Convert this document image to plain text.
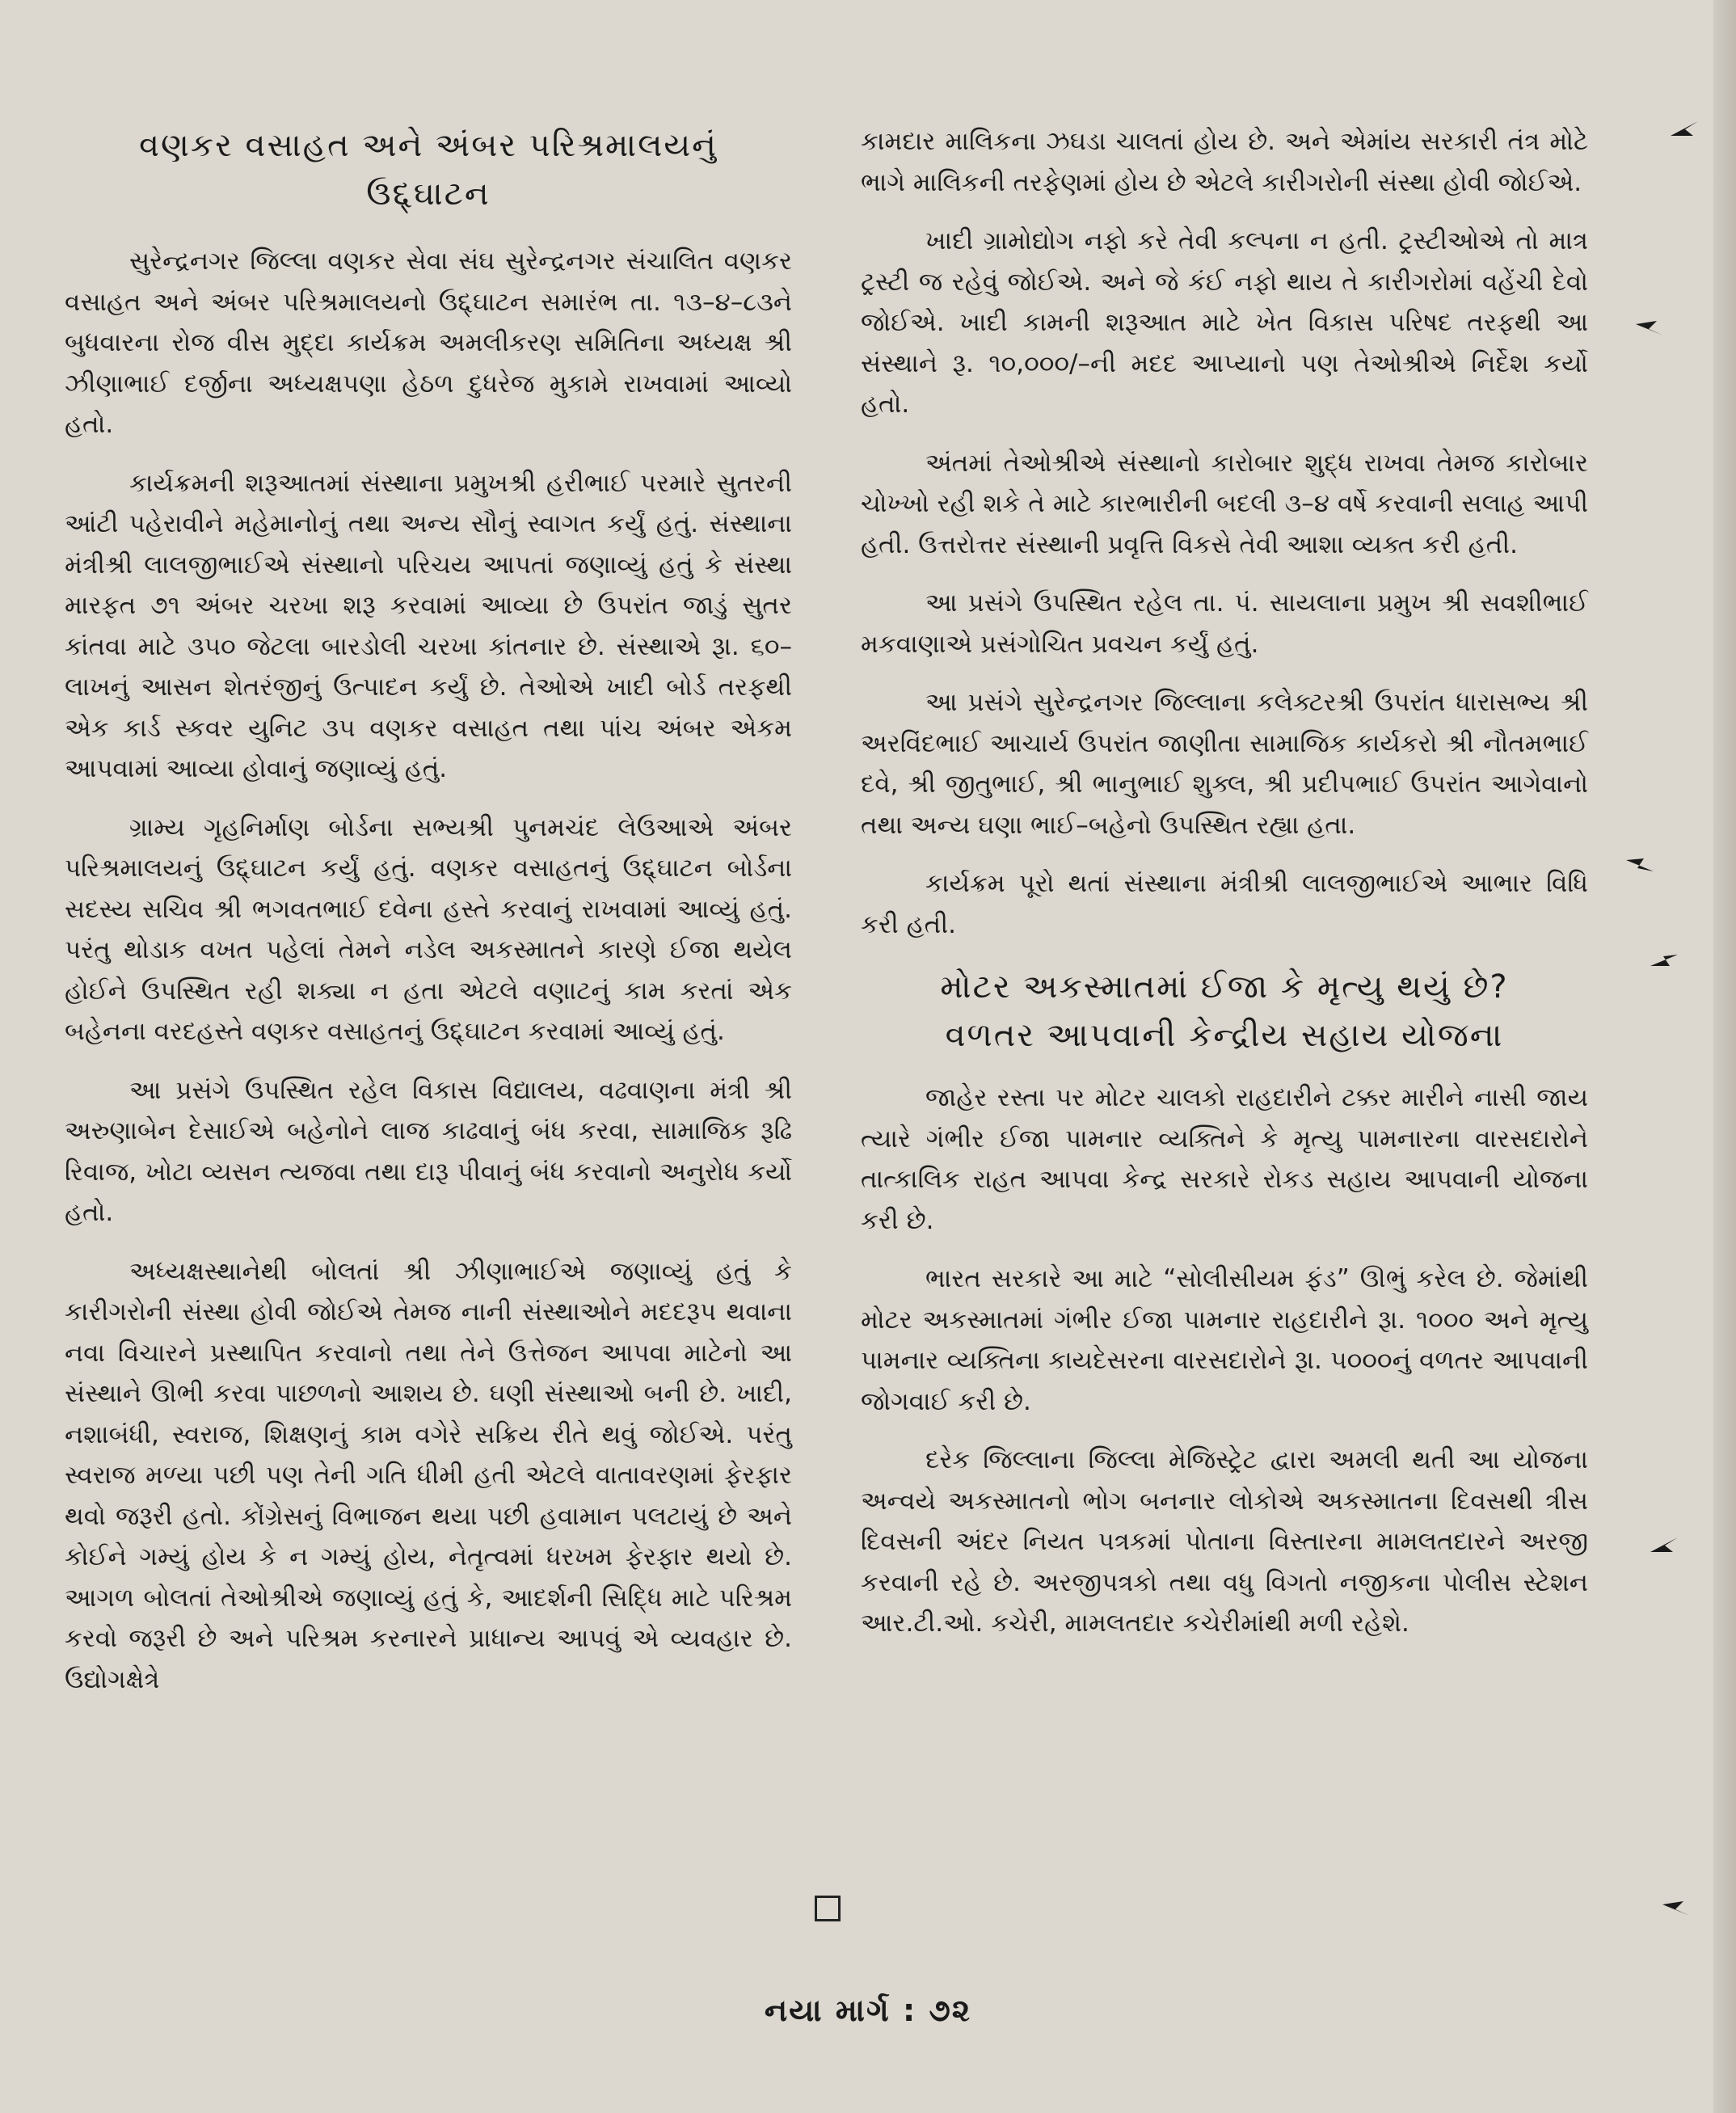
વણકર વસાહત અને અંબર પરિશ્રમાલયનું
ઉદ્દ્ઘાટન

સુરેન્દ્રનગર જિલ્લા વણકર સેવા સંઘ સુરેન્દ્રનગર સંચાલિત વણકર વસાહત અને અંબર પરિશ્રમાલયનો ઉદ્દ્ઘાટન સમારંભ તા. ૧૩–૪–૮૩ને બુધવારના રોજ વીસ મુદ્દા કાર્યક્રમ અમલીકરણ સમિતિના અધ્યક્ષ શ્રી ઝીણાભાઈ દર્જીના અધ્યક્ષપણા હેઠળ દુધરેજ મુકામે રાખવામાં આવ્યો હતો.

કાર્યક્રમની શરૂઆતમાં સંસ્થાના પ્રમુખશ્રી હરીભાઈ પરમારે સુતરની આંટી પહેરાવીને મહેમાનોનું તથા અન્ય સૌનું સ્વાગત કર્યું હતું. સંસ્થાના મંત્રીશ્રી લાલજીભાઈએ સંસ્થાનો પરિચય આપતાં જણાવ્યું હતું કે સંસ્થા મારફત ૭૧ અંબર ચરખા શરૂ કરવામાં આવ્યા છે ઉપરાંત જાડું સુતર કાંતવા માટે ૩૫૦ જેટલા બારડોલી ચરખા કાંતનાર છે. સંસ્થાએ રૂા. ૬૦–લાખનું આસન શેતરંજીનું ઉત્પાદન કર્યું છે. તેઓએ ખાદી બોર્ડ તરફથી એક કાર્ડ સ્કવર યુનિટ ૩૫ વણકર વસાહત તથા પાંચ અંબર એકમ આપવામાં આવ્યા હોવાનું જણાવ્યું હતું.

ગ્રામ્ય ગૃહનિર્માણ બોર્ડના સભ્યશ્રી પુનમચંદ લેઉઆએ અંબર પરિશ્રમાલયનું ઉદ્દ્ઘાટન કર્યું હતું. વણકર વસાહતનું ઉદ્દ્ઘાટન બોર્ડના સદસ્ય સચિવ શ્રી ભગવતભાઈ દવેના હસ્તે કરવાનું રાખવામાં આવ્યું હતું. પરંતુ થોડાક વખત પહેલાં તેમને નડેલ અકસ્માતને કારણે ઈજા થયેલ હોઈને ઉપસ્થિત રહી શક્યા ન હતા એટલે વણાટનું કામ કરતાં એક બહેનના વરદહસ્તે વણકર વસાહતનું ઉદ્દ્ઘાટન કરવામાં આવ્યું હતું.

આ પ્રસંગે ઉપસ્થિત રહેલ વિકાસ વિદ્યાલય, વઢવાણના મંત્રી શ્રી અરુણાબેન દેસાઈએ બહેનોને લાજ કાઢવાનું બંધ કરવા, સામાજિક રૂઢિ રિવાજ, ખોટા વ્યસન ત્યજવા તથા દારૂ પીવાનું બંધ કરવાનો અનુરોધ કર્યો હતો.

અધ્યક્ષસ્થાનેથી બોલતાં શ્રી ઝીણાભાઈએ જણાવ્યું હતું કે કારીગરોની સંસ્થા હોવી જોઈએ તેમજ નાની સંસ્થાઓને મદદરૂપ થવાના નવા વિચારને પ્રસ્થાપિત કરવાનો તથા તેને ઉત્તેજન આપવા માટેનો આ સંસ્થાને ઊભી કરવા પાછળનો આશય છે. ઘણી સંસ્થાઓ બની છે. ખાદી, નશાબંધી, સ્વરાજ, શિક્ષણનું કામ વગેરે સક્રિય રીતે થવું જોઈએ. પરંતુ સ્વરાજ મળ્યા પછી પણ તેની ગતિ ધીમી હતી એટલે વાતાવરણમાં ફેરફાર થવો જરૂરી હતો. કોંગ્રેસનું વિભાજન થયા પછી હવામાન પલટાયું છે અને કોઈને ગમ્યું હોય કે ન ગમ્યું હોય, નેતૃત્વમાં ધરખમ ફેરફાર થયો છે. આગળ બોલતાં તેઓશ્રીએ જણાવ્યું હતું કે, આદર્શની સિદ્ધિ માટે પરિશ્રમ કરવો જરૂરી છે અને પરિશ્રમ કરનારને પ્રાધાન્ય આપવું એ વ્યવહાર છે. ઉદ્યોગક્ષેત્રે

કામદાર માલિકના ઝઘડા ચાલતાં હોય છે. અને એમાંય સરકારી તંત્ર મોટે ભાગે માલિકની તરફેણમાં હોય છે એટલે કારીગરોની સંસ્થા હોવી જોઈએ.

ખાદી ગ્રામોદ્યોગ નફો કરે તેવી કલ્પના ન હતી. ટ્રસ્ટીઓએ તો માત્ર ટ્રસ્ટી જ રહેવું જોઈએ. અને જે કંઈ નફો થાય તે કારીગરોમાં વહેંચી દેવો જોઈએ. ખાદી કામની શરૂઆત માટે ખેત વિકાસ પરિષદ તરફથી આ સંસ્થાને રૂ. ૧૦,૦૦૦/–ની મદદ આપ્યાનો પણ તેઓશ્રીએ નિર્દેશ કર્યો હતો.

અંતમાં તેઓશ્રીએ સંસ્થાનો કારોબાર શુદ્ધ રાખવા તેમજ કારોબાર ચોખ્ખો રહી શકે તે માટે કારભારીની બદલી ૩–૪ વર્ષે કરવાની સલાહ આપી હતી. ઉત્તરોત્તર સંસ્થાની પ્રવૃત્તિ વિકસે તેવી આશા વ્યક્ત કરી હતી.

આ પ્રસંગે ઉપસ્થિત રહેલ તા. પં. સાયલાના પ્રમુખ શ્રી સવશીભાઈ મકવાણાએ પ્રસંગોચિત પ્રવચન કર્યું હતું.

આ પ્રસંગે સુરેન્દ્રનગર જિલ્લાના કલેક્ટરશ્રી ઉપરાંત ધારાસભ્ય શ્રી અરવિંદભાઈ આચાર્ય ઉપરાંત જાણીતા સામાજિક કાર્યકરો શ્રી નૌતમભાઈ દવે, શ્રી જીતુભાઈ, શ્રી ભાનુભાઈ શુક્લ, શ્રી પ્રદીપભાઈ ઉપરાંત આગેવાનો તથા અન્ય ઘણા ભાઈ–બહેનો ઉપસ્થિત રહ્યા હતા.

કાર્યક્રમ પૂરો થતાં સંસ્થાના મંત્રીશ્રી લાલજીભાઈએ આભાર વિધિ કરી હતી.

મોટર અકસ્માતમાં ઈજા કે મૃત્યુ થયું છે?
વળતર આપવાની કેન્દ્રીય સહાય યોજના

જાહેર રસ્તા પર મોટર ચાલકો રાહદારીને ટક્કર મારીને નાસી જાય ત્યારે ગંભીર ઈજા પામનાર વ્યક્તિને કે મૃત્યુ પામનારના વારસદારોને તાત્કાલિક રાહત આપવા કેન્દ્ર સરકારે રોકડ સહાય આપવાની યોજના કરી છે.

ભારત સરકારે આ માટે “સોલીસીયમ ફંડ” ઊભું કરેલ છે. જેમાંથી મોટર અકસ્માતમાં ગંભીર ઈજા પામનાર રાહદારીને રૂા. ૧૦૦૦ અને મૃત્યુ પામનાર વ્યક્તિના કાયદેસરના વારસદારોને રૂા. ૫૦૦૦નું વળતર આપવાની જોગવાઈ કરી છે.

દરેક જિલ્લાના જિલ્લા મેજિસ્ટ્રેટ દ્વારા અમલી થતી આ યોજના અન્વયે અકસ્માતનો ભોગ બનનાર લોકોએ અકસ્માતના દિવસથી ત્રીસ દિવસની અંદર નિયત પત્રકમાં પોતાના વિસ્તારના મામલતદારને અરજી કરવાની રહે છે. અરજીપત્રકો તથા વધુ વિગતો નજીકના પોલીસ સ્ટેશન આર.ટી.ઓ. કચેરી, મામલતદાર કચેરીમાંથી મળી રહેશે.

નયા માર્ગ : ૭૨
